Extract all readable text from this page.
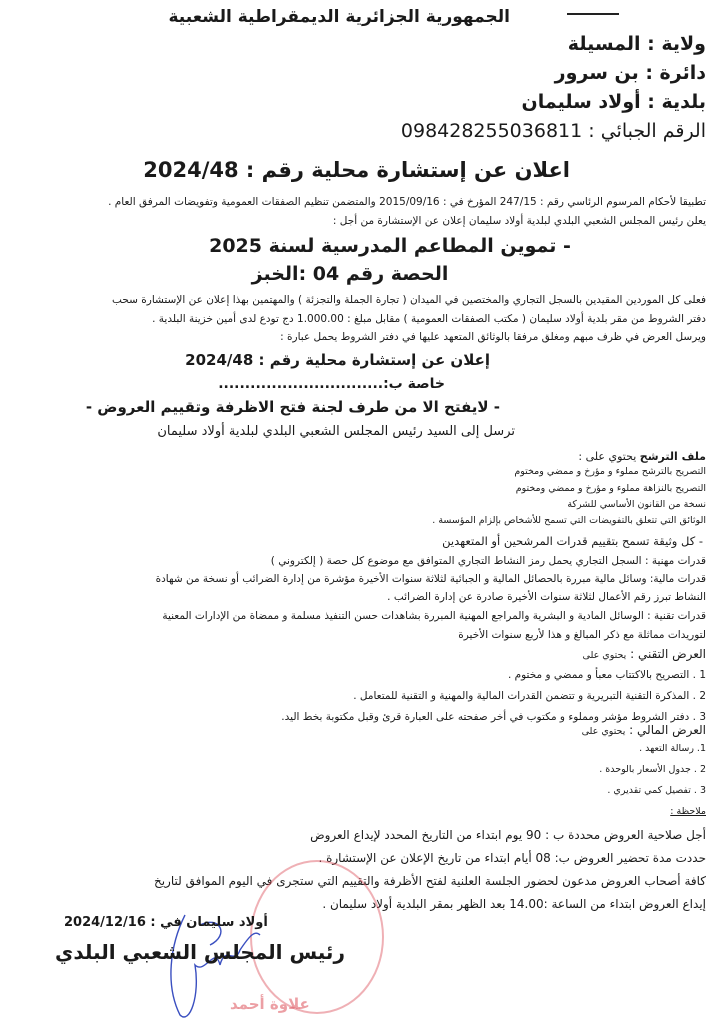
الجمهورية الجزائرية الديمقراطية الشعبية
ولاية : المسيلة
دائرة : بن سرور
بلدية : أولاد سليمان
الرقم الجبائي : 098428255036811
اعلان عن إستشارة محلية رقم : 2024/48
تطبيقا لأحكام المرسوم الرئاسي رقم : 247/15 المؤرخ في : 2015/09/16 والمتضمن تنظيم الصفقات العمومية وتفويضات المرفق العام .
يعلن رئيس المجلس الشعبي البلدي لبلدية أولاد سليمان إعلان عن الإستشارة من أجل :
- تموين المطاعم المدرسية لسنة 2025
الحصة رقم 04 :الخبز
فعلى كل الموردين المقيدين بالسجل التجاري والمختصين في الميدان ( تجارة الجملة والتجزئة ) والمهتمين بهذا إعلان عن الإستشارة سحب
دفتر الشروط من مقر بلدية أولاد سليمان ( مكتب الصفقات العمومية ) مقابل مبلغ : 1.000.00 دج تودع لدى أمين خزينة البلدية .
ويرسل العرض في ظرف مبهم ومغلق مرفقا بالوثائق المتعهد عليها في دفتر الشروط يحمل عبارة :
إعلان عن إستشارة محلية رقم : 2024/48
خاصة ب:...............................
- لايفتح الا من طرف لجنة فتح الاظرفة وتقييم العروض -
ترسل إلى السيد رئيس المجلس الشعبي البلدي لبلدية أولاد سليمان
ملف الترشح يحتوي على :
التصريح بالترشح مملوء و مؤرخ و ممضي ومختوم
التصريح بالنزاهة مملوء و مؤرخ و ممضي ومختوم
نسخة من القانون الأساسي للشركة
الوثائق التي تتعلق بالتفويضات التي تسمح للأشخاص بإلزام المؤسسة .
- كل وثيقة تسمح بتقييم قدرات المرشحين أو المتعهدين
قدرات مهنية : السجل التجاري يحمل رمز النشاط التجاري المتوافق مع موضوع كل حصة ( إلكتروني )
قدرات مالية: وسائل مالية مبررة بالحصائل المالية و الجبائية لثلاثة سنوات الأخيرة مؤشرة من إدارة الضرائب أو نسخة من شهادة
النشاط تبرز رقم الأعمال لثلاثة سنوات الأخيرة صادرة عن إدارة الضرائب .
قدرات تقنية : الوسائل المادية و البشرية والمراجع المهنية المبررة بشاهدات حسن التنفيذ مسلمة و ممضاة من الإدارات المعنية
لتوريدات مماثلة مع ذكر المبالغ و هذا لأربع سنوات الأخيرة
العرض التقني : يحتوي على
1 . التصريح بالاكتتاب معبأ و ممضي و مختوم .
2 . المذكرة التقنية التبريرية و تتضمن القدرات المالية والمهنية و التقنية للمتعامل .
3 . دفتر الشروط مؤشر ومملوء و مكتوب في أخر صفحته على العبارة قرئ وقبل مكتوبة بخط اليد.
العرض المالي : يحتوي على
1. رسالة التعهد .
2 . جدول الأسعار بالوحدة .
3 . تفصيل كمي تقديري .
ملاحظة :
أجل صلاحية العروض محددة ب : 90 يوم ابتداء من التاريخ المحدد لإيداع العروض
حددت مدة تحضير العروض ب: 08 أيام ابتداء من تاريخ الإعلان عن الإستشارة .
كافة أصحاب العروض مدعون لحضور الجلسة العلنية لفتح الأظرفة والتقييم التي ستجرى في اليوم الموافق لتاريخ
إيداع العروض ابتداء من الساعة :14.00 بعد الظهر بمقر البلدية أولاد سليمان .
علاوة أحمد
أولاد سليمان في : 2024/12/16
رئيس المجلس الشعبي البلدي
